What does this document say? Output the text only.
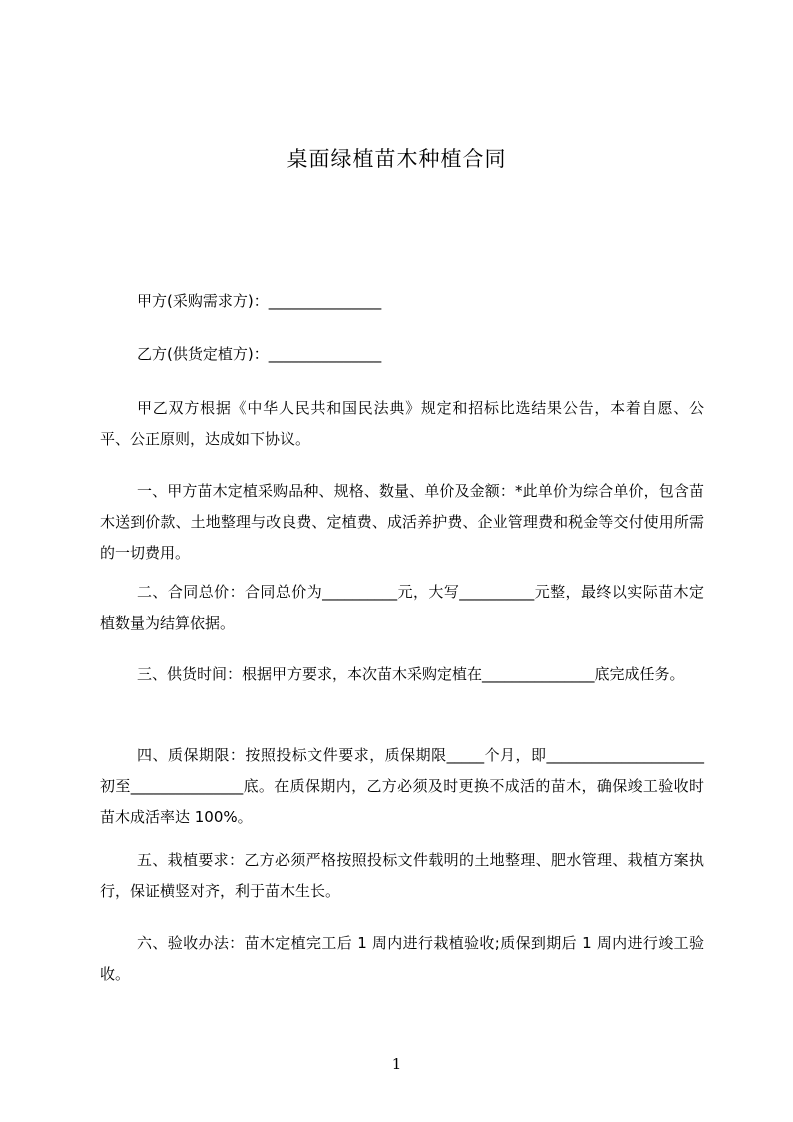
桌面绿植苗木种植合同
甲方(采购需求方)：_______________
乙方(供货定植方)：_______________
甲乙双方根据《中华人民共和国民法典》规定和招标比选结果公告，本着自愿、公平、公正原则，达成如下协议。
一、甲方苗木定植采购品种、规格、数量、单价及金额：*此单价为综合单价，包含苗木送到价款、土地整理与改良费、定植费、成活养护费、企业管理费和税金等交付使用所需的一切费用。
二、合同总价：合同总价为__________元，大写__________元整，最终以实际苗木定植数量为结算依据。
三、供货时间：根据甲方要求，本次苗木采购定植在_______________底完成任务。
四、质保期限：按照投标文件要求，质保期限_____个月，即_____________________初至_______________底。在质保期内，乙方必须及时更换不成活的苗木，确保竣工验收时苗木成活率达 100%。
五、栽植要求：乙方必须严格按照投标文件载明的土地整理、肥水管理、栽植方案执行，保证横竖对齐，利于苗木生长。
六、验收办法：苗木定植完工后 1 周内进行栽植验收;质保到期后 1 周内进行竣工验收。
1
